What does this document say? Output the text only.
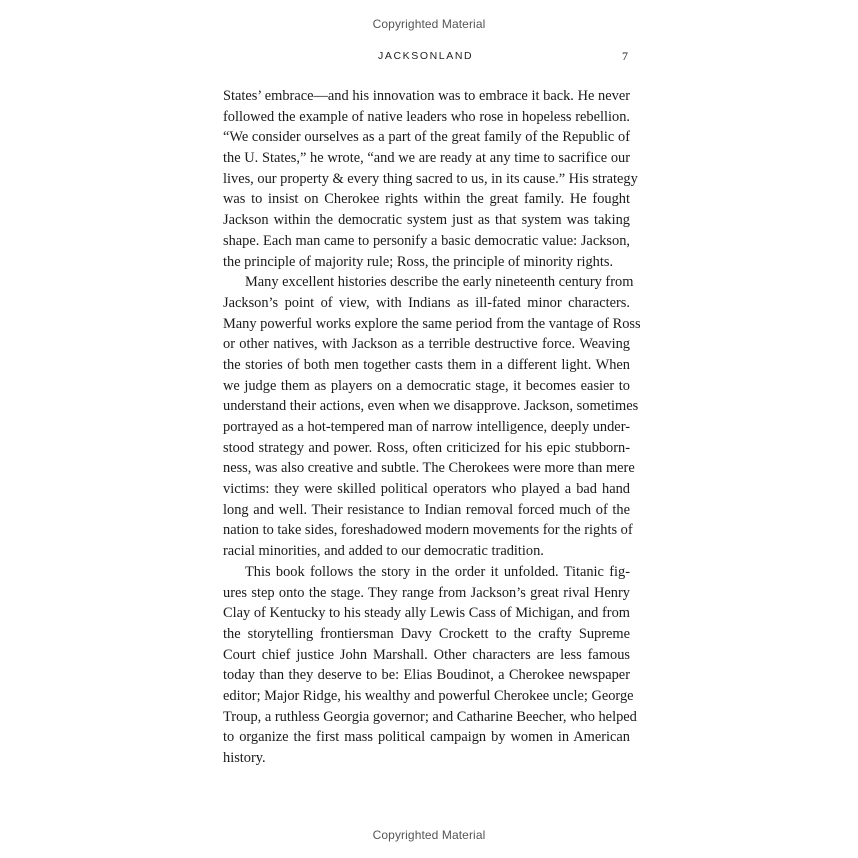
Copyrighted Material
JACKSONLAND	7
States’ embrace—and his innovation was to embrace it back. He never
followed the example of native leaders who rose in hopeless rebellion.
“We consider ourselves as a part of the great family of the Republic of
the U. States,” he wrote, “and we are ready at any time to sacrifice our
lives, our property & every thing sacred to us, in its cause.” His strategy
was to insist on Cherokee rights within the great family. He fought
Jackson within the democratic system just as that system was taking
shape. Each man came to personify a basic democratic value: Jackson,
the principle of majority rule; Ross, the principle of minority rights.
Many excellent histories describe the early nineteenth century from
Jackson’s point of view, with Indians as ill-fated minor characters.
Many powerful works explore the same period from the vantage of Ross
or other natives, with Jackson as a terrible destructive force. Weaving
the stories of both men together casts them in a different light. When
we judge them as players on a democratic stage, it becomes easier to
understand their actions, even when we disapprove. Jackson, sometimes
portrayed as a hot-tempered man of narrow intelligence, deeply under-
stood strategy and power. Ross, often criticized for his epic stubborn-
ness, was also creative and subtle. The Cherokees were more than mere
victims: they were skilled political operators who played a bad hand
long and well. Their resistance to Indian removal forced much of the
nation to take sides, foreshadowed modern movements for the rights of
racial minorities, and added to our democratic tradition.
This book follows the story in the order it unfolded. Titanic fig-
ures step onto the stage. They range from Jackson’s great rival Henry
Clay of Kentucky to his steady ally Lewis Cass of Michigan, and from
the storytelling frontiersman Davy Crockett to the crafty Supreme
Court chief justice John Marshall. Other characters are less famous
today than they deserve to be: Elias Boudinot, a Cherokee newspaper
editor; Major Ridge, his wealthy and powerful Cherokee uncle; George
Troup, a ruthless Georgia governor; and Catharine Beecher, who helped
to organize the first mass political campaign by women in American
history.
Copyrighted Material
